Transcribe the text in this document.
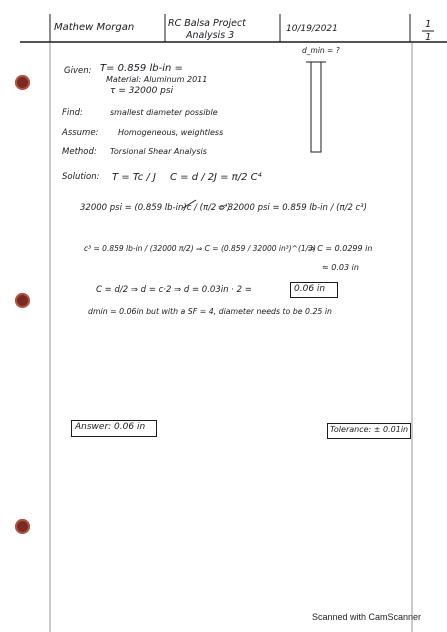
Mathew Morgan	RC Balsa Project
Analysis 3
10/19/2021	1
1
Given: T= 0.859 lb-in =
Material: Aluminum 2011
τ = 32000 psi
d_min = ?
Find:	smallest diameter possible
Assume: Homogeneous, weightless
Method: Torsional Shear Analysis
Solution: T = Tc / J C = d / 2 J = π/2 C⁴
32000 psi = (0.859 lb-in)c / (π/2 c⁴)
⇒ 32000 psi = 0.859 lb-in / (π/2 c³)
c³ = 0.859 lb-in / (32000 π/2) ⇒ C = (0.859 / 32000 in³)^(1/3)
⇒ C = 0.0299 in
≈ 0.03 in
C = d/2 ⇒ d = c·2 ⇒ d = 0.03in · 2 =	0.06 in
dmin = 0.06in but with a SF = 4, diameter needs to be 0.25 in
Answer: 0.06 in	Tolerance: ± 0.01in
Scanned with CamScanner
